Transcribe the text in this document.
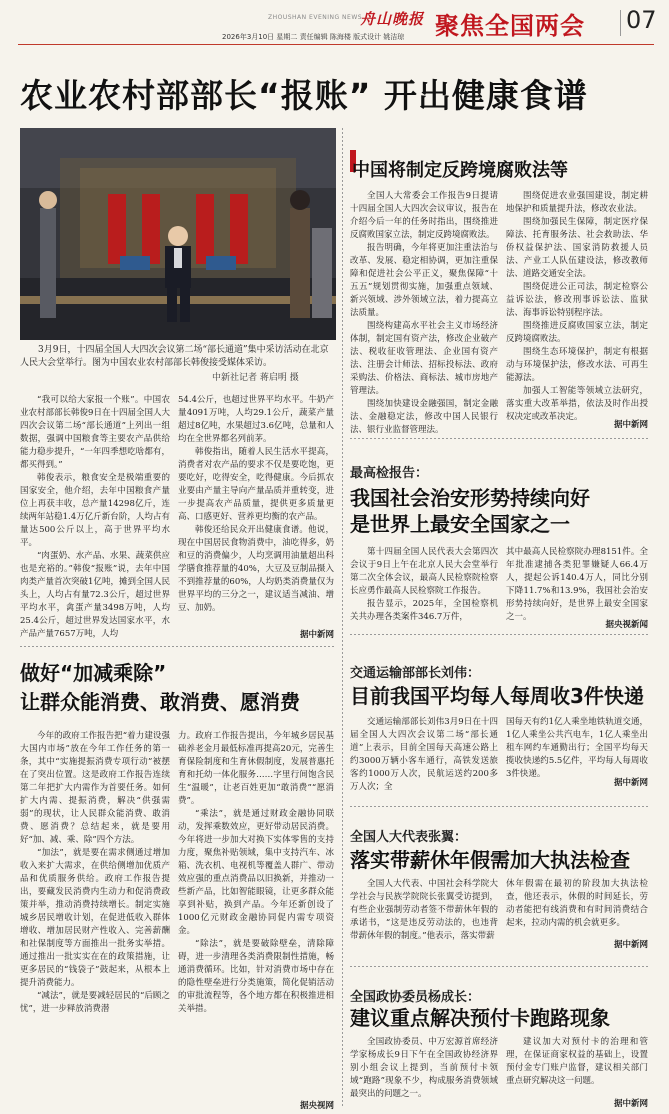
ZHOUSHAN EVENING NEWS
舟山晚报 聚焦全国两会 07
2026年3月10日 星期二 责任编辑 陈海楼 版式设计 姚洁琼
农业农村部部长“报账” 开出健康食谱
3月9日，十四届全国人大四次会议第二场“部长通道”集中采访活动在北京人民大会堂举行。图为中国农业农村部部长韩俊接受媒体采访。
中新社记者 蒋启明 摄

“我可以给大家报一个账”。中国农业农村部部长韩俊9日在十四届全国人大四次会议第二场“部长通道”上列出一组数据，强调中国粮食等主要农产品供给能力稳步提升，“一年四季想吃啥都有，都买得到。”

韩俊表示，粮食安全是极端重要的国家安全，他介绍，去年中国粮食产量位上再获丰收，总产量14298亿斤，连续两年站稳1.4万亿斤新台阶，人均占有量达500公斤以上，高于世界平均水平。

“肉蛋奶、水产品、水果、蔬菜供应也是充裕的。”韩俊“报账”说，去年中国肉类产量首次突破1亿吨，摊到全国人民头上，人均占有量72.3公斤，超过世界平均水平，禽蛋产量3498万吨，人均25.4公斤，超过世界发达国家水平，水产品产量7657万吨，人均

54.4公斤，也超过世界平均水平。牛奶产量4091万吨，人均29.1公斤，蔬菜产量超过8亿吨，水果超过3.6亿吨，总量和人均在全世界都名列前茅。

韩俊指出，随着人民生活水平提高，消费者对农产品的要求不仅是要吃饱，更要吃好，吃得安全，吃得健康。今后抓农业要由产量主导向产量品质并重转变，进一步提高农产品质量，提供更多质量更高、口感更好、营养更均衡的农产品。

韩俊还给民众开出健康食谱。他说，现在中国居民食物消费中，油吃得多，奶和豆的消费偏少，人均烹调用油量超出科学膳食推荐量的40%，大豆及豆制品摄入不到推荐量的60%，人均奶类消费量仅为世界平均的三分之一，建议适当减油、增豆、加奶。

据中新网
做好“加减乘除”
让群众能消费、敢消费、愿消费

今年的政府工作报告把“着力建设强大国内市场”放在今年工作任务的第一条，其中“实施提振消费专项行动”被摆在了突出位置。这是政府工作报告连续第二年把扩大内需作为首要任务。如何扩大内需、提振消费，解决“供强需弱”的现状，让人民群众能消费、敢消费、愿消费？总结起来，就是要用好“加、减、乘、除”四个方法。

“加法”，就是要在需求侧通过增加收入来扩大需求，在供给侧增加优质产品和优质服务供给。政府工作报告提出，要藏发民消费内生动力和促消费政策并举，推动消费持续增长。制定实施城乡居民增收计划，在促进低收入群体增收、增加居民财产性收入、完善薪酬和社保制度等方面推出一批务实举措。通过推出一批实实在在的政策措施，让更多居民的“钱袋子”鼓起来，从根本上提升消费能力。

“减法”，就是要减轻居民的“后顾之忧”，进一步释放消费潜

力。政府工作报告提出，今年城乡居民基础养老金月最低标准再提高20元，完善生育保险制度和生育休假制度，发展普惠托育和托幼一体化服务……字里行间饱含民生“温暖”，让老百姓更加“敢消费”“愿消费”。

“乘法”，就是通过财政金融协同联动，发挥乘数效应，更好带动居民消费。今年将进一步加大对换下实体零售的支持力度，聚焦补贴领域，集中支持汽车、冰箱、洗衣机、电视机等覆盖人群广、带动效应强的重点消费品以旧换新，并推动一些新产品，比如智能眼镜，让更多群众能享到补贴，换到产品。今年还新创设了1000亿元财政金融协同促内需专项资金。

“除法”，就是要破除壁垒，清除障碍，进一步清理各类消费限制性措施，畅通消费循环。比如，针对消费市场中存在的隐性壁垒进行分类施策，简化促销活动的审批流程等，各个地方都在积极推进相关举措。

据央视网
中国将制定反跨境腐败法等

全国人大常委会工作报告9日提请十四届全国人大四次会议审议，报告在介绍今后一年的任务时指出，围绕推进反腐败国家立法，制定反跨境腐败法。

报告明确，今年将更加注重法治与改革、发展、稳定相协调，更加注重保障和促进社会公平正义，聚焦保障“十五五”规划贯彻实施，加强重点领域、新兴领域、涉外领域立法，着力提高立法质量。

围绕构建高水平社会主义市场经济体制，制定国有资产法，修改企业破产法、税收征收管理法、企业国有资产法、注册会计师法、招标投标法、政府采购法、价格法、商标法、城市房地产管理法。

围绕加快建设金融强国，制定金融法、金融稳定法，修改中国人民银行法、银行业监督管理法。

围绕促进农业强国建设，制定耕地保护和质量提升法，修改农业法。

围绕加强民生保障，制定医疗保障法、托育服务法、社会救助法、华侨权益保护法、国家消防救援人员法、产业工人队伍建设法，修改教师法、道路交通安全法。

围绕促进公正司法，制定检察公益诉讼法，修改刑事诉讼法、监狱法、海事诉讼特别程序法。

围绕推进反腐败国家立法，制定反跨境腐败法。

围绕生态环境保护，制定有根据动与环境保护法，修改水法、可再生能源法。

加强人工智能等领域立法研究，落实重大改革举措，依法及时作出授权决定或改革决定。

据中新网
最高检报告：
我国社会治安形势持续向好
是世界上最安全国家之一

第十四届全国人民代表大会第四次会议于9日上午在北京人民大会堂举行第二次全体会议，最高人民检察院检察长应勇作最高人民检察院工作报告。

报告显示，2025年，全国检察机关共办理各类案件346.7万件，

其中最高人民检察院办理8151件。全年批准逮捕各类犯罪嫌疑人66.4万人，提起公诉140.4万人，同比分别下降11.7%和13.9%，我国社会治安形势持续向好，是世界上最安全国家之一。

据央视新闻
交通运输部部长刘伟：
目前我国平均每人每周收3件快递

交通运输部部长刘伟3月9日在十四届全国人大四次会议第二场“部长通道”上表示，目前全国每天高速公路上约3000万辆小客车通行，高铁发送旅客约1000万人次，民航运送约200多万人次；全

国每天有约1亿人乘坐地铁轨道交通，1亿人乘坐公共汽电车，1亿人乘坐出租车网约车通勤出行；全国平均每天揽收快递约5.5亿件，平均每人每周收3件快递。

据中新网
全国人大代表张翼：
落实带薪休年假需加大执法检查

全国人大代表、中国社会科学院大学社会与民族学院院长张翼受访提到，有些企业强制劳动者签不带薪休年假的承诺书，“这是违反劳动法的，也违背带薪休年假的制度。”他表示，落实带薪

休年假需在最初的阶段加大执法检查，他还表示，休假的时间延长，劳动者能把有线消费和有时间消费结合起来，拉动内需的机会就更多。

据中新网
全国政协委员杨成长：
建议重点解决预付卡跑路现象

全国政协委员、中万宏源首席经济学家杨成长9日下午在全国政协经济界别小组会议上提到，当前预付卡领域“跑路”现象不少，构成服务消费领域最突出的问题之一。

建议加大对预付卡的治理和管理，在保证商家权益的基础上，设置预付金专门账户监督，建议相关部门重点研究解决这一问题。

据中新网
